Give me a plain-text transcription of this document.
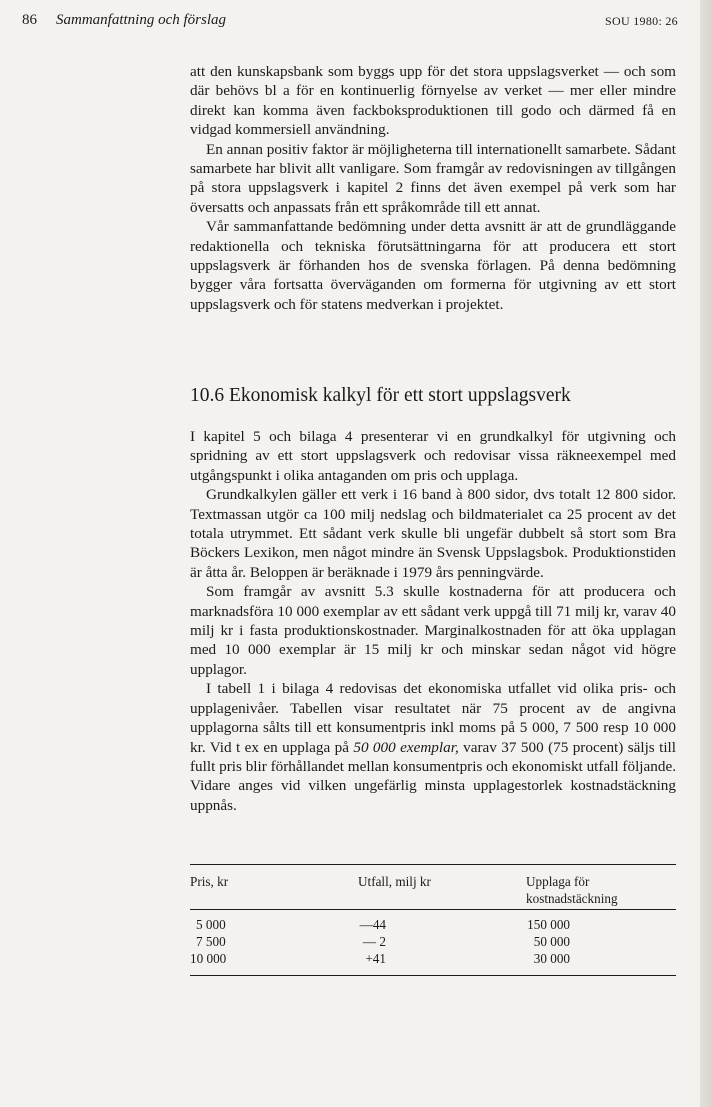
86 Sammanfattning och förslag	SOU 1980: 26

att den kunskapsbank som byggs upp för det stora uppslagsverket — och som där behövs bl a för en kontinuerlig förnyelse av verket — mer eller mindre direkt kan komma även fackboksproduktionen till godo och därmed få en vidgad kommersiell användning.

En annan positiv faktor är möjligheterna till internationellt samarbete. Sådant samarbete har blivit allt vanligare. Som framgår av redovisningen av tillgången på stora uppslagsverk i kapitel 2 finns det även exempel på verk som har översatts och anpassats från ett språkområde till ett annat.

Vår sammanfattande bedömning under detta avsnitt är att de grundläggande redaktionella och tekniska förutsättningarna för att producera ett stort uppslagsverk är förhanden hos de svenska förlagen. På denna bedömning bygger våra fortsatta överväganden om formerna för utgivning av ett stort uppslagsverk och för statens medverkan i projektet.

10.6 Ekonomisk kalkyl för ett stort uppslagsverk

I kapitel 5 och bilaga 4 presenterar vi en grundkalkyl för utgivning och spridning av ett stort uppslagsverk och redovisar vissa räkneexempel med utgångspunkt i olika antaganden om pris och upplaga.

Grundkalkylen gäller ett verk i 16 band à 800 sidor, dvs totalt 12 800 sidor. Textmassan utgör ca 100 milj nedslag och bildmaterialet ca 25 procent av det totala utrymmet. Ett sådant verk skulle bli ungefär dubbelt så stort som Bra Böckers Lexikon, men något mindre än Svensk Uppslagsbok. Produktionstiden är åtta år. Beloppen är beräknade i 1979 års penningvärde.

Som framgår av avsnitt 5.3 skulle kostnaderna för att producera och marknadsföra 10 000 exemplar av ett sådant verk uppgå till 71 milj kr, varav 40 milj kr i fasta produktionskostnader. Marginalkostnaden för att öka upplagan med 10 000 exemplar är 15 milj kr och minskar sedan något vid högre upplagor.

I tabell 1 i bilaga 4 redovisas det ekonomiska utfallet vid olika pris- och upplagenivåer. Tabellen visar resultatet när 75 procent av de angivna upplagorna sålts till ett konsumentpris inkl moms på 5 000, 7 500 resp 10 000 kr. Vid t ex en upplaga på 50 000 exemplar, varav 37 500 (75 procent) säljs till fullt pris blir förhållandet mellan konsumentpris och ekonomiskt utfall följande. Vidare anges vid vilken ungefärlig minsta upplagestorlek kostnadstäckning uppnås.

Pris, kr	Utfall, milj kr	Upplaga för kostnadstäckning
5 000	—44	150 000
7 500	— 2	50 000
10 000	+41	30 000
